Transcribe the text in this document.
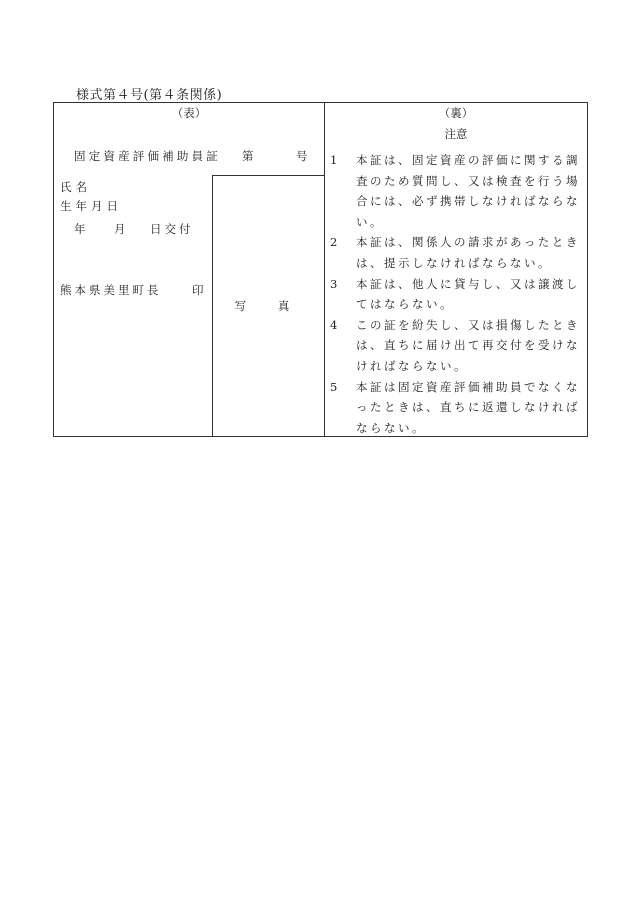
様式第４号(第４条関係)
（表）
固定資産評価補助員証 第	号
氏名
生年月日
年 月 日交付
熊本県美里町長	印
写 真
（裏）
注意
1 本証は、固定資産の評価に関する調査のため質問し、又は検査を行う場合には、必ず携帯しなければならない。
2 本証は、関係人の請求があったときは、提示しなければならない。
3 本証は、他人に貸与し、又は譲渡してはならない。
4 この証を紛失し、又は損傷したときは、直ちに届け出て再交付を受けなければならない。
5 本証は固定資産評価補助員でなくなったときは、直ちに返還しなければならない。
